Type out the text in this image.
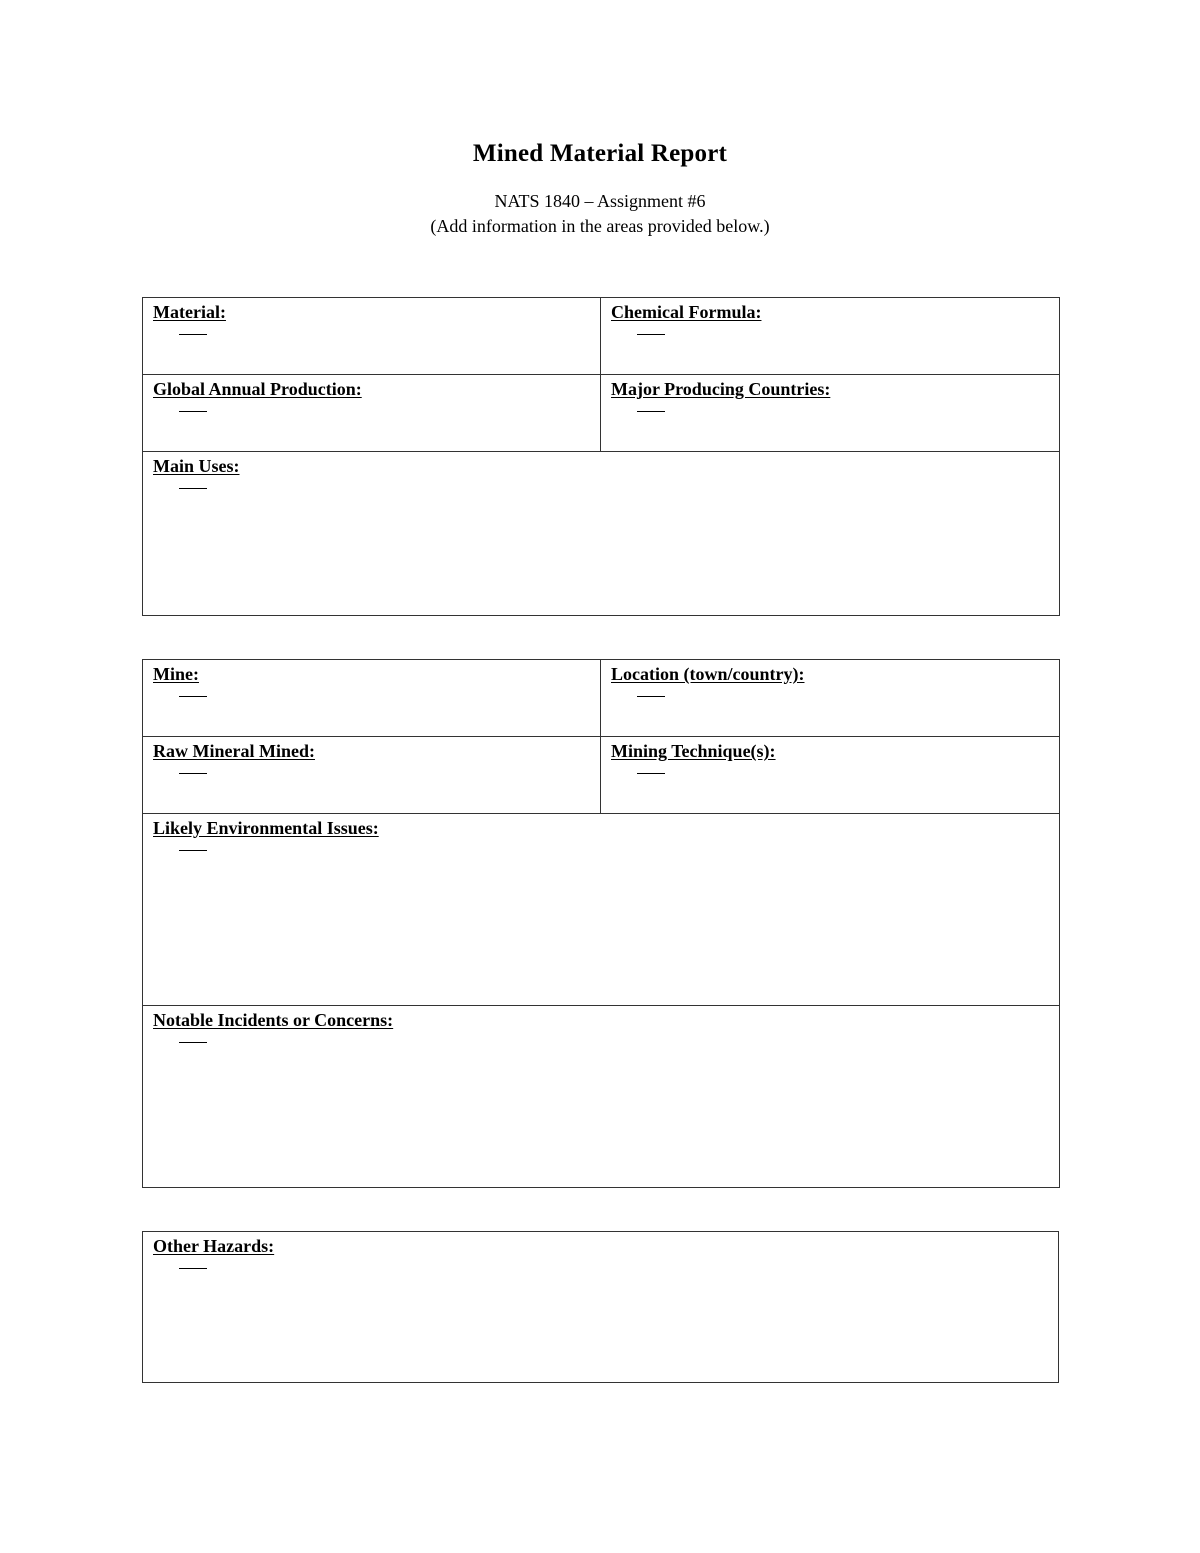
Mined Material Report
NATS 1840 – Assignment #6
(Add information in the areas provided below.)
Material:	Chemical Formula:

Global Annual Production:	Major Producing Countries:

Main Uses:	
Mine:	Location (town/country):

Raw Mineral Mined:	Mining Technique(s):

Likely Environmental Issues:	

Notable Incidents or Concerns:	
Other Hazards:
